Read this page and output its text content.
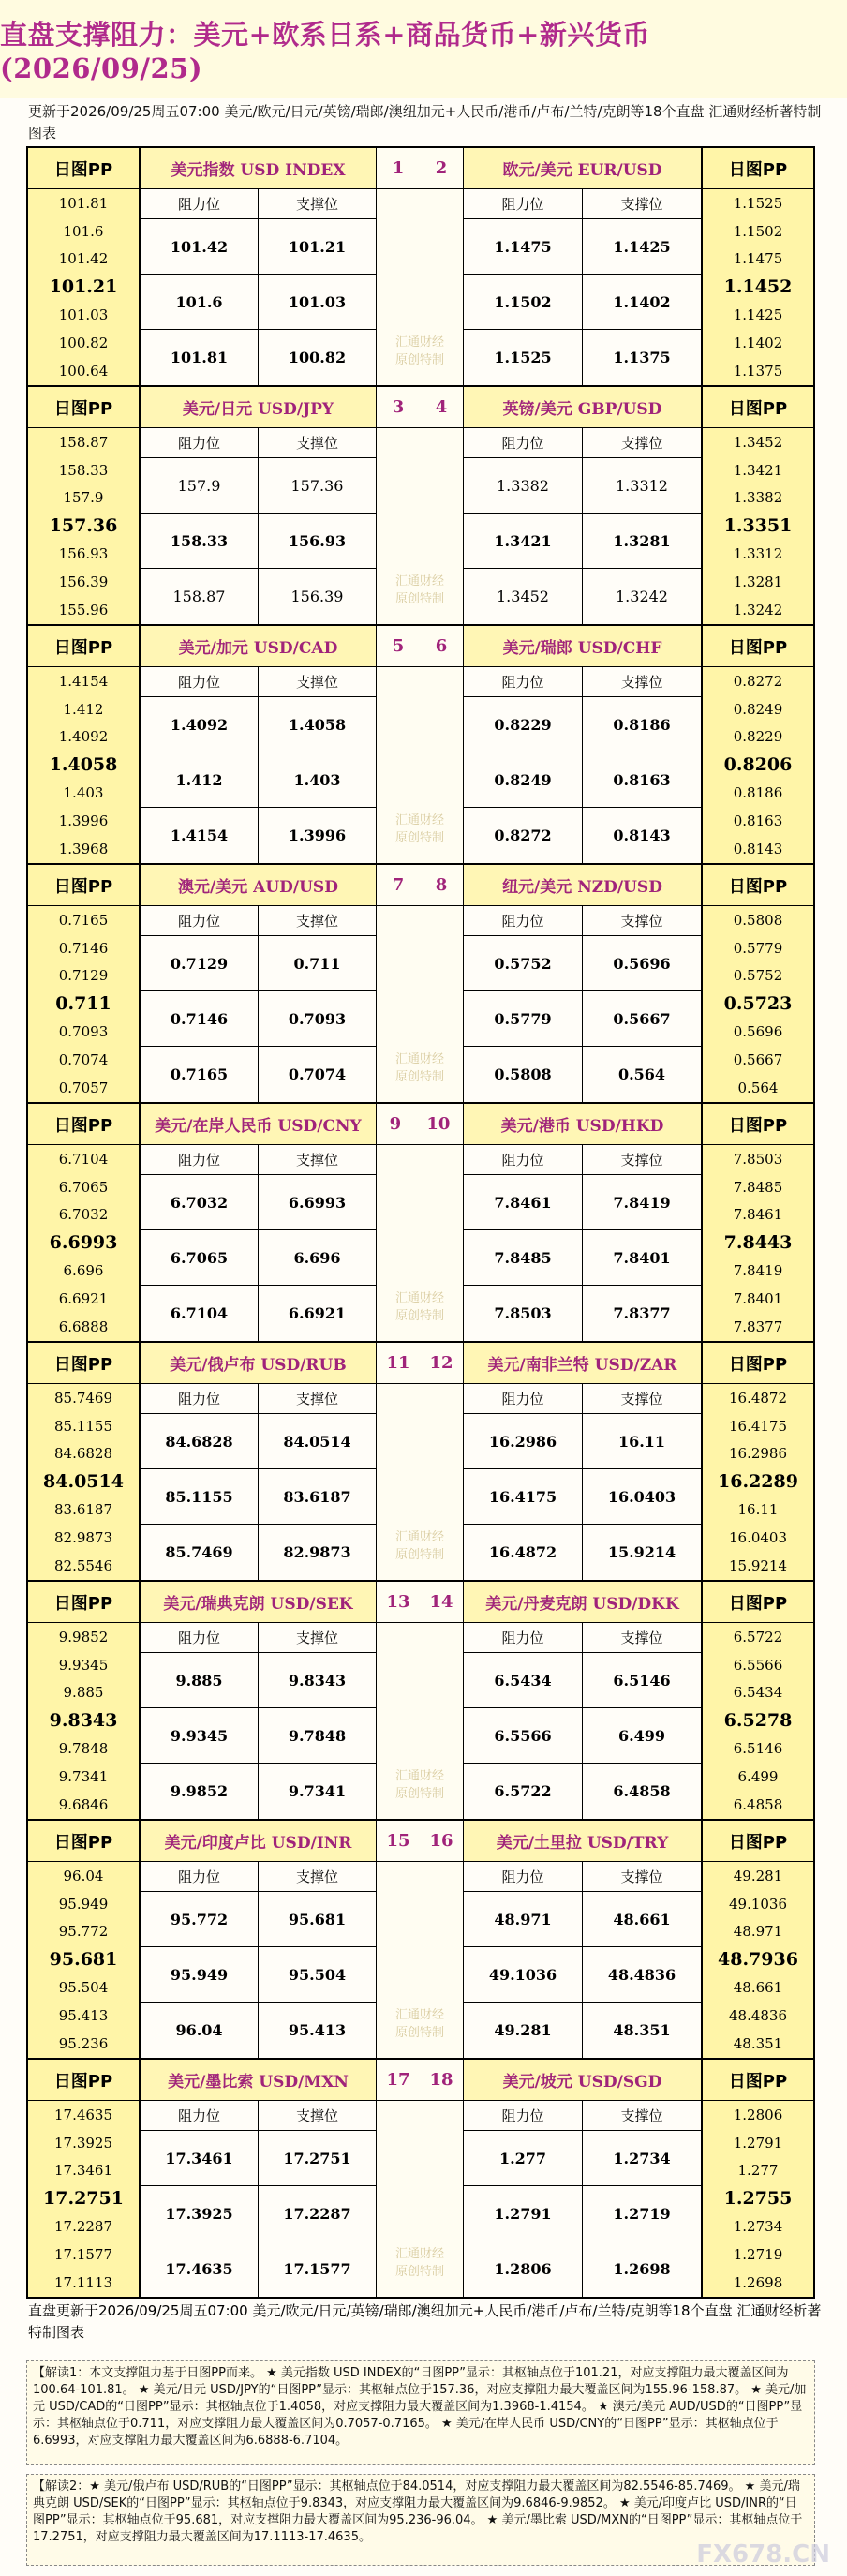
直盘支撑阻力：美元+欧系日系+商品货币+新兴货币(2026/09/25)
更新于2026/09/25周五07:00 美元/欧元/日元/英镑/瑞郎/澳纽加元+人民币/港币/卢布/兰特/克朗等18个直盘 汇通财经析著特制图表
日图PP
101.81
101.6
101.42
101.21
101.03
100.82
100.64
美元指数 USD INDEX
阻力位	支撑位
101.42	101.21
101.6	101.03
101.81	100.82
日图PP
1.1525
1.1502
1.1475
1.1452
1.1425
1.1402
1.1375
欧元/美元 EUR/USD
阻力位	支撑位
1.1475	1.1425
1.1502	1.1402
1.1525	1.1375
1 2
汇通财经
原创特制
日图PP
158.87
158.33
157.9
157.36
156.93
156.39
155.96
美元/日元 USD/JPY
阻力位	支撑位
157.9	157.36
158.33	156.93
158.87	156.39
日图PP
1.3452
1.3421
1.3382
1.3351
1.3312
1.3281
1.3242
英镑/美元 GBP/USD
阻力位	支撑位
1.3382	1.3312
1.3421	1.3281
1.3452	1.3242
3 4
汇通财经
原创特制
日图PP
1.4154
1.412
1.4092
1.4058
1.403
1.3996
1.3968
美元/加元 USD/CAD
阻力位	支撑位
1.4092	1.4058
1.412	1.403
1.4154	1.3996
日图PP
0.8272
0.8249
0.8229
0.8206
0.8186
0.8163
0.8143
美元/瑞郎 USD/CHF
阻力位	支撑位
0.8229	0.8186
0.8249	0.8163
0.8272	0.8143
5 6
汇通财经
原创特制
日图PP
0.7165
0.7146
0.7129
0.711
0.7093
0.7074
0.7057
澳元/美元 AUD/USD
阻力位	支撑位
0.7129	0.711
0.7146	0.7093
0.7165	0.7074
日图PP
0.5808
0.5779
0.5752
0.5723
0.5696
0.5667
0.564
纽元/美元 NZD/USD
阻力位	支撑位
0.5752	0.5696
0.5779	0.5667
0.5808	0.564
7 8
汇通财经
原创特制
日图PP
6.7104
6.7065
6.7032
6.6993
6.696
6.6921
6.6888
美元/在岸人民币 USD/CNY
阻力位	支撑位
6.7032	6.6993
6.7065	6.696
6.7104	6.6921
日图PP
7.8503
7.8485
7.8461
7.8443
7.8419
7.8401
7.8377
美元/港币 USD/HKD
阻力位	支撑位
7.8461	7.8419
7.8485	7.8401
7.8503	7.8377
9 10
汇通财经
原创特制
日图PP
85.7469
85.1155
84.6828
84.0514
83.6187
82.9873
82.5546
美元/俄卢布 USD/RUB
阻力位	支撑位
84.6828	84.0514
85.1155	83.6187
85.7469	82.9873
日图PP
16.4872
16.4175
16.2986
16.2289
16.11
16.0403
15.9214
美元/南非兰特 USD/ZAR
阻力位	支撑位
16.2986	16.11
16.4175	16.0403
16.4872	15.9214
11 12
汇通财经
原创特制
日图PP
9.9852
9.9345
9.885
9.8343
9.7848
9.7341
9.6846
美元/瑞典克朗 USD/SEK
阻力位	支撑位
9.885	9.8343
9.9345	9.7848
9.9852	9.7341
日图PP
6.5722
6.5566
6.5434
6.5278
6.5146
6.499
6.4858
美元/丹麦克朗 USD/DKK
阻力位	支撑位
6.5434	6.5146
6.5566	6.499
6.5722	6.4858
13 14
汇通财经
原创特制
日图PP
96.04
95.949
95.772
95.681
95.504
95.413
95.236
美元/印度卢比 USD/INR
阻力位	支撑位
95.772	95.681
95.949	95.504
96.04	95.413
日图PP
49.281
49.1036
48.971
48.7936
48.661
48.4836
48.351
美元/土里拉 USD/TRY
阻力位	支撑位
48.971	48.661
49.1036	48.4836
49.281	48.351
15 16
汇通财经
原创特制
日图PP
17.4635
17.3925
17.3461
17.2751
17.2287
17.1577
17.1113
美元/墨比索 USD/MXN
阻力位	支撑位
17.3461	17.2751
17.3925	17.2287
17.4635	17.1577
日图PP
1.2806
1.2791
1.277
1.2755
1.2734
1.2719
1.2698
美元/坡元 USD/SGD
阻力位	支撑位
1.277	1.2734
1.2791	1.2719
1.2806	1.2698
17 18
汇通财经
原创特制
直盘更新于2026/09/25周五07:00 美元/欧元/日元/英镑/瑞郎/澳纽加元+人民币/港币/卢布/兰特/克朗等18个直盘 汇通财经析著特制图表
【解读1：本文支撑阻力基于日图PP而来。 ★ 美元指数 USD INDEX的“日图PP”显示：其枢轴点位于101.21，对应支撑阻力最大覆盖区间为100.64-101.81。 ★ 美元/日元 USD/JPY的“日图PP”显示：其枢轴点位于157.36，对应支撑阻力最大覆盖区间为155.96-158.87。 ★ 美元/加元 USD/CAD的“日图PP”显示：其枢轴点位于1.4058，对应支撑阻力最大覆盖区间为1.3968-1.4154。 ★ 澳元/美元 AUD/USD的“日图PP”显示：其枢轴点位于0.711，对应支撑阻力最大覆盖区间为0.7057-0.7165。 ★ 美元/在岸人民币 USD/CNY的“日图PP”显示：其枢轴点位于6.6993，对应支撑阻力最大覆盖区间为6.6888-6.7104。
【解读2：★ 美元/俄卢布 USD/RUB的“日图PP”显示：其枢轴点位于84.0514，对应支撑阻力最大覆盖区间为82.5546-85.7469。 ★ 美元/瑞典克朗 USD/SEK的“日图PP”显示：其枢轴点位于9.8343，对应支撑阻力最大覆盖区间为9.6846-9.9852。 ★ 美元/印度卢比 USD/INR的“日图PP”显示：其枢轴点位于95.681，对应支撑阻力最大覆盖区间为95.236-96.04。 ★ 美元/墨比索 USD/MXN的“日图PP”显示：其枢轴点位于17.2751，对应支撑阻力最大覆盖区间为17.1113-17.4635。
FX678.CN
